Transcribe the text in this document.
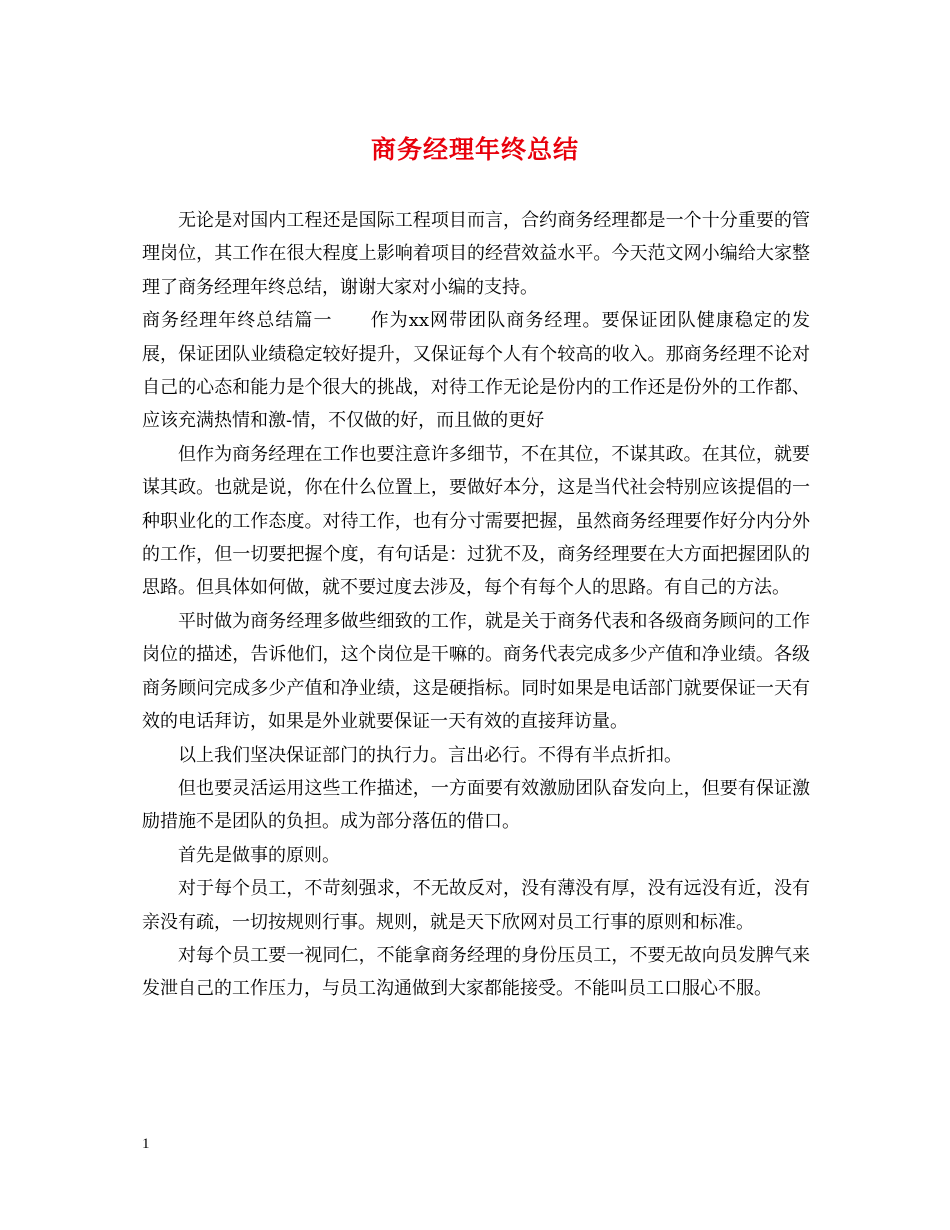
商务经理年终总结

无论是对国内工程还是国际工程项目而言，合约商务经理都是一个十分重要的管理岗位，其工作在很大程度上影响着项目的经营效益水平。今天范文网小编给大家整理了商务经理年终总结，谢谢大家对小编的支持。

商务经理年终总结篇一　　作为xx网带团队商务经理。要保证团队健康稳定的发展，保证团队业绩稳定较好提升，又保证每个人有个较高的收入。那商务经理不论对自己的心态和能力是个很大的挑战，对待工作无论是份内的工作还是份外的工作都、应该充满热情和激-情，不仅做的好，而且做的更好

但作为商务经理在工作也要注意许多细节，不在其位，不谋其政。在其位，就要谋其政。也就是说，你在什么位置上，要做好本分，这是当代社会特别应该提倡的一种职业化的工作态度。对待工作，也有分寸需要把握，虽然商务经理要作好分内分外的工作，但一切要把握个度，有句话是：过犹不及，商务经理要在大方面把握团队的思路。但具体如何做，就不要过度去涉及，每个有每个人的思路。有自己的方法。

平时做为商务经理多做些细致的工作，就是关于商务代表和各级商务顾问的工作岗位的描述，告诉他们，这个岗位是干嘛的。商务代表完成多少产值和净业绩。各级商务顾问完成多少产值和净业绩，这是硬指标。同时如果是电话部门就要保证一天有效的电话拜访，如果是外业就要保证一天有效的直接拜访量。

以上我们坚决保证部门的执行力。言出必行。不得有半点折扣。

但也要灵活运用这些工作描述，一方面要有效激励团队奋发向上，但要有保证激励措施不是团队的负担。成为部分落伍的借口。

首先是做事的原则。

对于每个员工，不苛刻强求，不无故反对，没有薄没有厚，没有远没有近，没有亲没有疏，一切按规则行事。规则，就是天下欣网对员工行事的原则和标准。

对每个员工要一视同仁，不能拿商务经理的身份压员工，不要无故向员发脾气来发泄自己的工作压力，与员工沟通做到大家都能接受。不能叫员工口服心不服。

1
